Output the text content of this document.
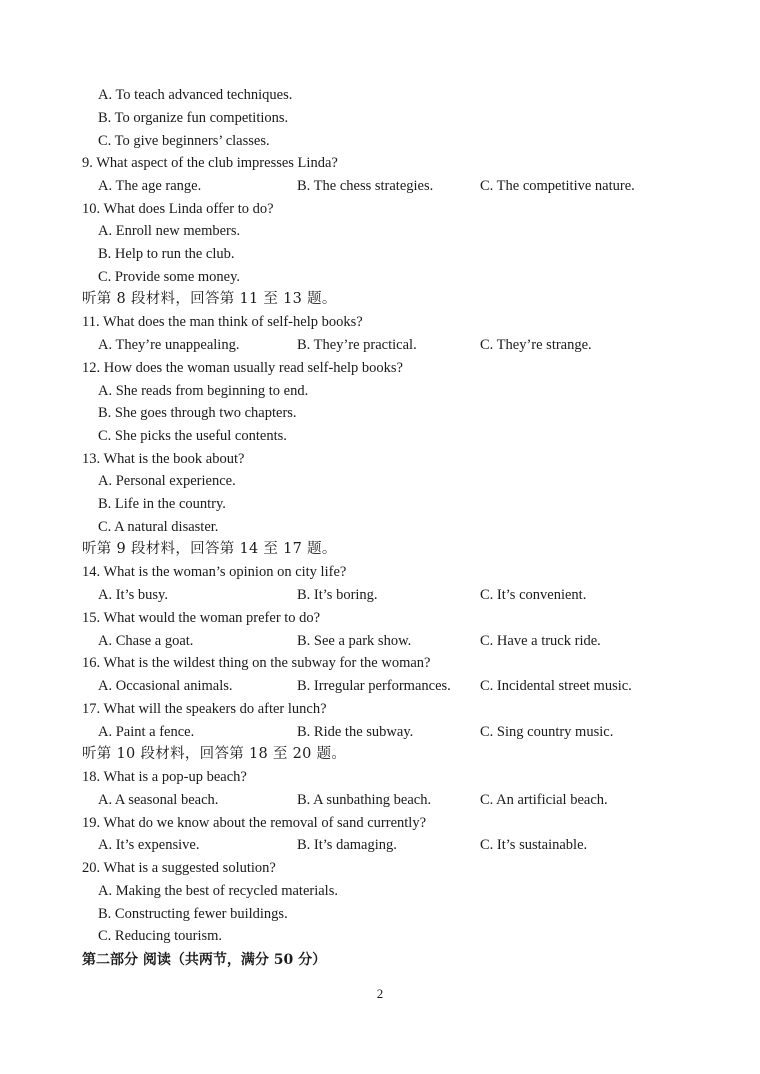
A. To teach advanced techniques.
B. To organize fun competitions.
C. To give beginners’ classes.
9. What aspect of the club impresses Linda?
A. The age range.	B. The chess strategies.	C. The competitive nature.
10. What does Linda offer to do?
A. Enroll new members.
B. Help to run the club.
C. Provide some money.
听第 8 段材料，回答第 11 至 13 题。
11. What does the man think of self-help books?
A. They’re unappealing.	B. They’re practical.	C. They’re strange.
12. How does the woman usually read self-help books?
A. She reads from beginning to end.
B. She goes through two chapters.
C. She picks the useful contents.
13. What is the book about?
A. Personal experience.
B. Life in the country.
C. A natural disaster.
听第 9 段材料，回答第 14 至 17 题。
14. What is the woman’s opinion on city life?
A. It’s busy.	B. It’s boring.	C. It’s convenient.
15. What would the woman prefer to do?
A. Chase a goat.	B. See a park show.	C. Have a truck ride.
16. What is the wildest thing on the subway for the woman?
A. Occasional animals.	B. Irregular performances. C. Incidental street music.
17. What will the speakers do after lunch?
A. Paint a fence.	B. Ride the subway.	C. Sing country music.
听第 10 段材料，回答第 18 至 20 题。
18. What is a pop-up beach?
A. A seasonal beach.	B. A sunbathing beach.	C. An artificial beach.
19. What do we know about the removal of sand currently?
A. It’s expensive.	B. It’s damaging.	C. It’s sustainable.
20. What is a suggested solution?
A. Making the best of recycled materials.
B. Constructing fewer buildings.
C. Reducing tourism.
第二部分 阅读（共两节，满分 50 分）
2
